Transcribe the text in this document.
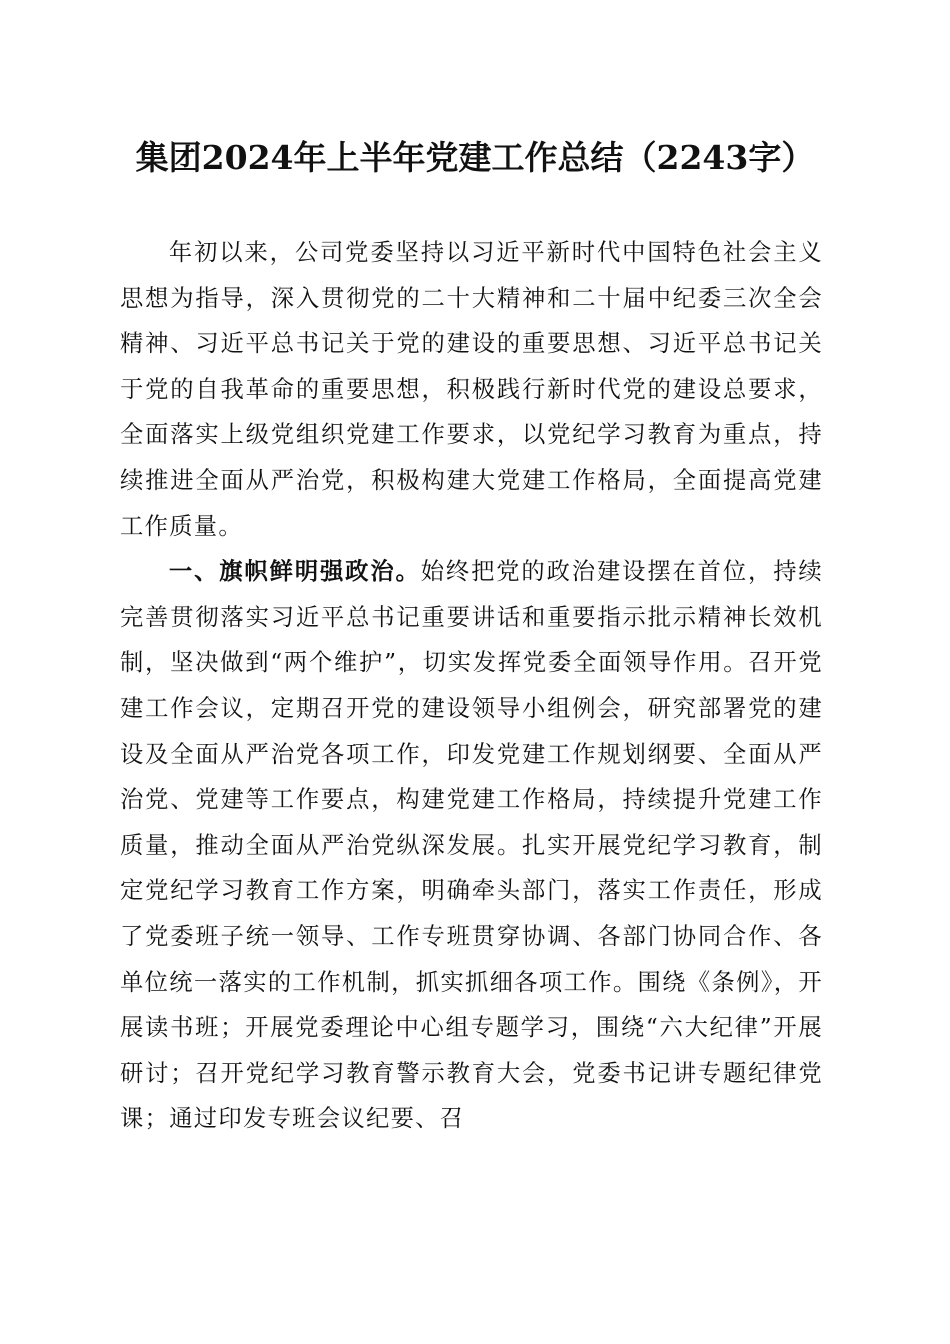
集团2024年上半年党建工作总结（2243字）

年初以来，公司党委坚持以习近平新时代中国特色社会主义思想为指导，深入贯彻党的二十大精神和二十届中纪委三次全会精神、习近平总书记关于党的建设的重要思想、习近平总书记关于党的自我革命的重要思想，积极践行新时代党的建设总要求，全面落实上级党组织党建工作要求，以党纪学习教育为重点，持续推进全面从严治党，积极构建大党建工作格局，全面提高党建工作质量。

一、旗帜鲜明强政治。始终把党的政治建设摆在首位，持续完善贯彻落实习近平总书记重要讲话和重要指示批示精神长效机制，坚决做到“两个维护”，切实发挥党委全面领导作用。召开党建工作会议，定期召开党的建设领导小组例会，研究部署党的建设及全面从严治党各项工作，印发党建工作规划纲要、全面从严治党、党建等工作要点，构建党建工作格局，持续提升党建工作质量，推动全面从严治党纵深发展。扎实开展党纪学习教育，制定党纪学习教育工作方案，明确牵头部门，落实工作责任，形成了党委班子统一领导、工作专班贯穿协调、各部门协同合作、各单位统一落实的工作机制，抓实抓细各项工作。围绕《条例》，开展读书班；开展党委理论中心组专题学习，围绕“六大纪律”开展研讨；召开党纪学习教育警示教育大会，党委书记讲专题纪律党课；通过印发专班会议纪要、召
